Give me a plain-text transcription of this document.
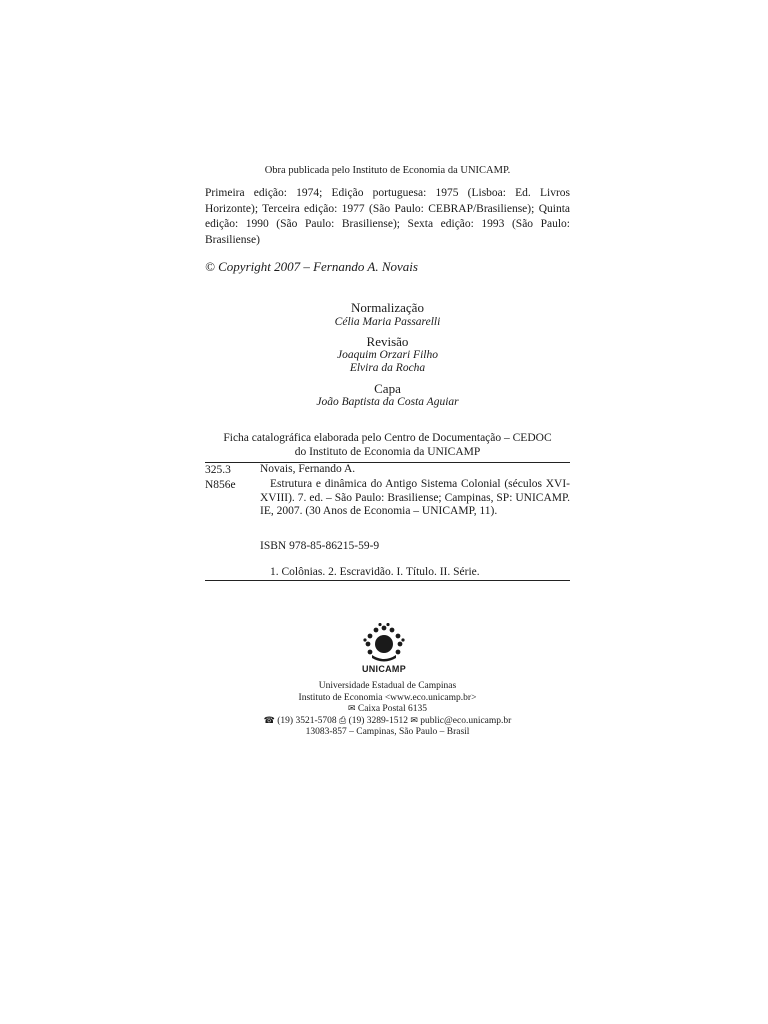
Obra publicada pelo Instituto de Economia da UNICAMP.
Primeira edição: 1974; Edição portuguesa: 1975 (Lisboa: Ed. Livros Horizonte); Terceira edição: 1977 (São Paulo: CEBRAP/Brasiliense); Quinta edição: 1990 (São Paulo: Brasiliense); Sexta edição: 1993 (São Paulo: Brasiliense)
© Copyright 2007 – Fernando A. Novais
Normalização
Célia Maria Passarelli
Revisão
Joaquim Orzari Filho
Elvira da Rocha
Capa
João Baptista da Costa Aguiar
Ficha catalográfica elaborada pelo Centro de Documentação – CEDOC
do Instituto de Economia da UNICAMP
325.3
N856e
Novais, Fernando A.
Estrutura e dinâmica do Antigo Sistema Colonial (séculos XVI-XVIII). 7. ed. – São Paulo: Brasiliense; Campinas, SP: UNICAMP. IE, 2007. (30 Anos de Economia – UNICAMP, 11).
ISBN 978-85-86215-59-9
1. Colônias. 2. Escravidão. I. Título. II. Série.
UNICAMP
Universidade Estadual de Campinas
Instituto de Economia <www.eco.unicamp.br>
✉ Caixa Postal 6135
☎ (19) 3521-5708 ⎙ (19) 3289-1512 ✉ public@eco.unicamp.br
13083-857 – Campinas, São Paulo – Brasil
